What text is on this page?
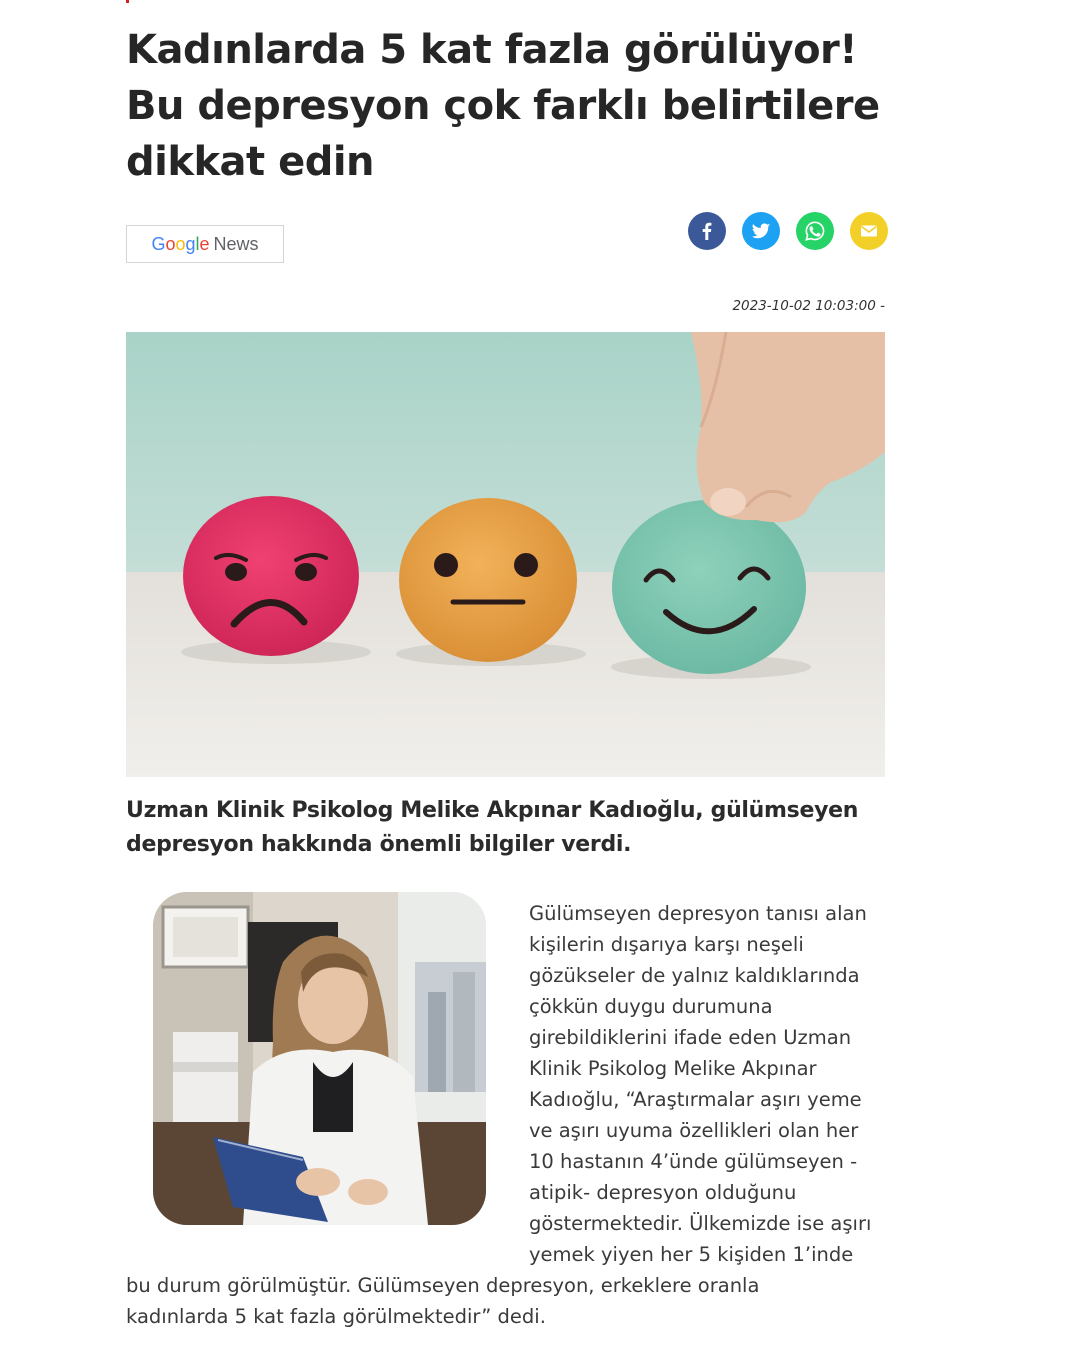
Kadınlarda 5 kat fazla görülüyor! Bu depresyon çok farklı belirtilere dikkat edin
Google News
2023-10-02 10:03:00 -

Uzman Klinik Psikolog Melike Akpınar Kadıoğlu, gülümseyen depresyon hakkında önemli bilgiler verdi.

Gülümseyen depresyon tanısı alan

kişilerin dışarıya karşı neşeli

gözükseler de yalnız kaldıklarında

çökkün duygu durumuna

girebildiklerini ifade eden Uzman

Klinik Psikolog Melike Akpınar

Kadıoğlu, “Araştırmalar aşırı yeme

ve aşırı uyuma özellikleri olan her

10 hastanın 4’ünde gülümseyen -

atipik- depresyon olduğunu

göstermektedir. Ülkemizde ise aşırı

yemek yiyen her 5 kişiden 1’inde

bu durum görülmüştür. Gülümseyen depresyon, erkeklere oranla

kadınlarda 5 kat fazla görülmektedir” dedi.
